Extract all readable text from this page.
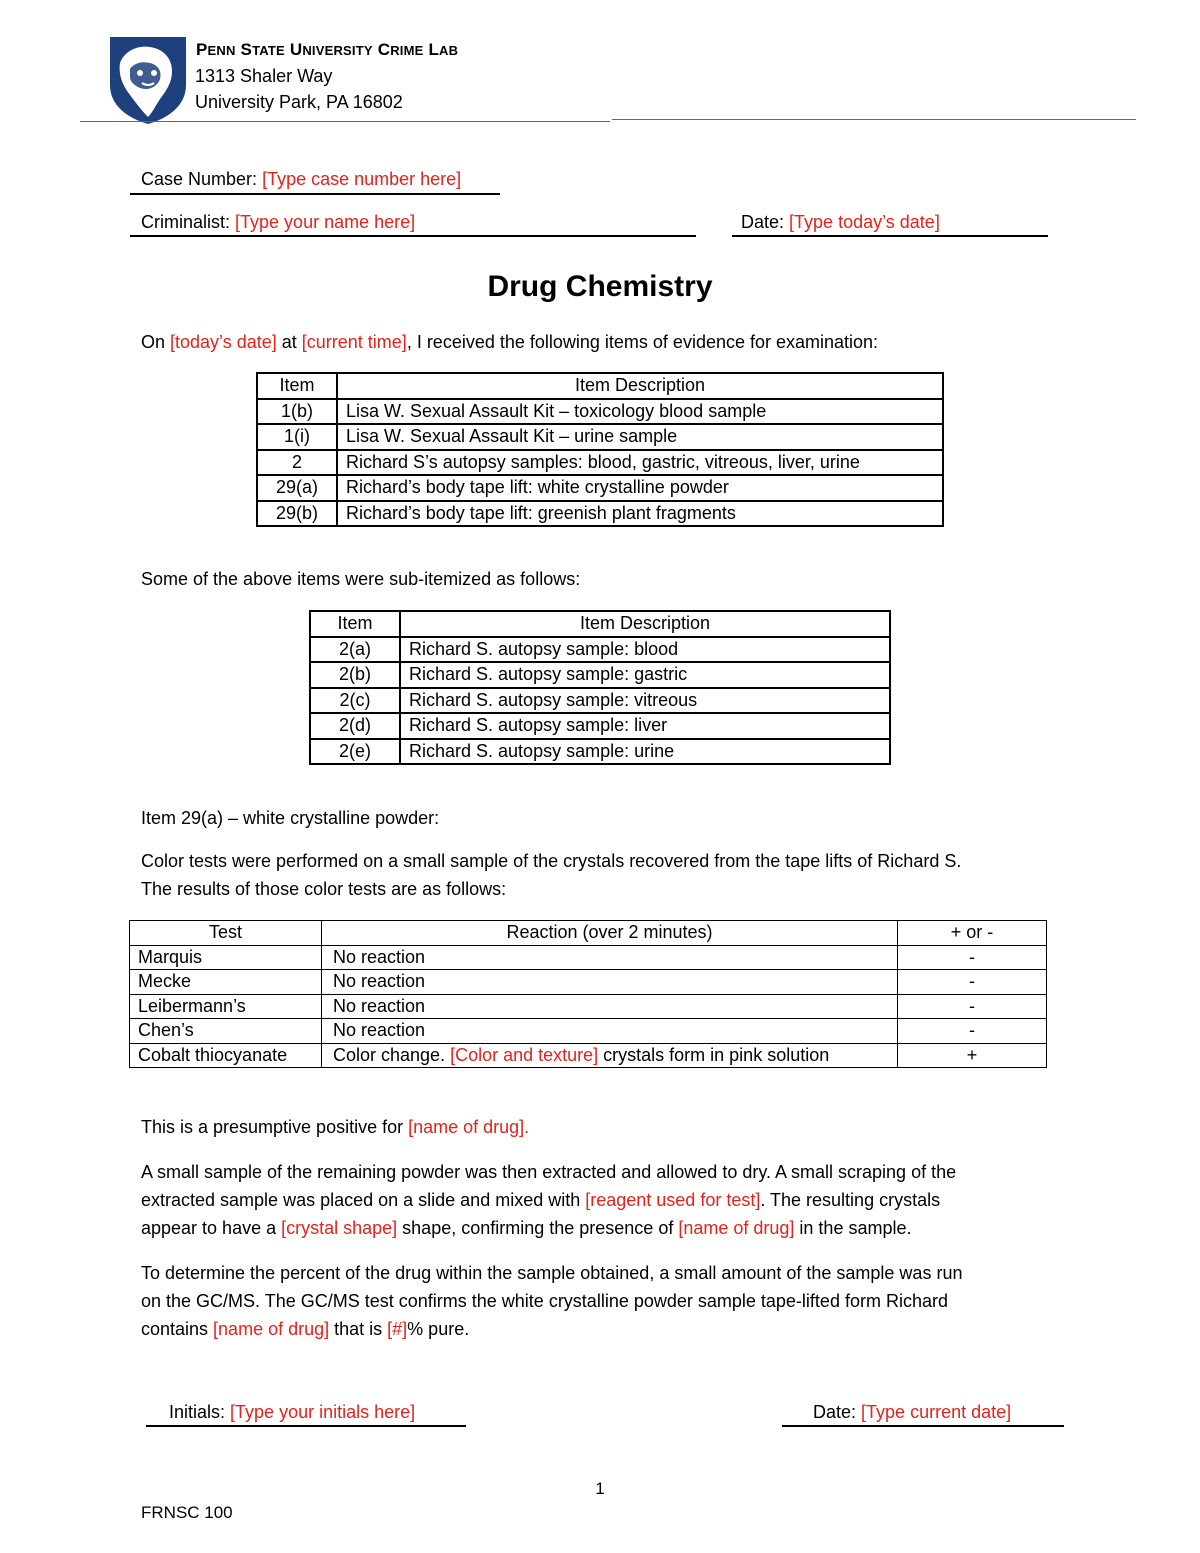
PENN STATE UNIVERSITY CRIME LAB
1313 Shaler Way
University Park, PA 16802
Case Number: [Type case number here]
Criminalist: [Type your name here]	Date: [Type today’s date]
Drug Chemistry
On [today’s date] at [current time], I received the following items of evidence for examination:
Item	Item Description
1(b)	Lisa W. Sexual Assault Kit – toxicology blood sample
1(i)	Lisa W. Sexual Assault Kit – urine sample
2	Richard S’s autopsy samples: blood, gastric, vitreous, liver, urine
29(a)	Richard’s body tape lift: white crystalline powder
29(b)	Richard’s body tape lift: greenish plant fragments
Some of the above items were sub-itemized as follows:
Item	Item Description
2(a)	Richard S. autopsy sample: blood
2(b)	Richard S. autopsy sample: gastric
2(c)	Richard S. autopsy sample: vitreous
2(d)	Richard S. autopsy sample: liver
2(e)	Richard S. autopsy sample: urine
Item 29(a) – white crystalline powder:
Color tests were performed on a small sample of the crystals recovered from the tape lifts of Richard S.
The results of those color tests are as follows:
Test	Reaction (over 2 minutes)	+ or -
Marquis	No reaction	-
Mecke	No reaction	-
Leibermann’s	No reaction	-
Chen’s	No reaction	-
Cobalt thiocyanate	Color change. [Color and texture] crystals form in pink solution	+
This is a presumptive positive for [name of drug].
A small sample of the remaining powder was then extracted and allowed to dry. A small scraping of the
extracted sample was placed on a slide and mixed with [reagent used for test]. The resulting crystals
appear to have a [crystal shape] shape, confirming the presence of [name of drug] in the sample.
To determine the percent of the drug within the sample obtained, a small amount of the sample was run
on the GC/MS. The GC/MS test confirms the white crystalline powder sample tape-lifted form Richard
contains [name of drug] that is [#]% pure.
Initials: [Type your initials here]	Date: [Type current date]
1
FRNSC 100
